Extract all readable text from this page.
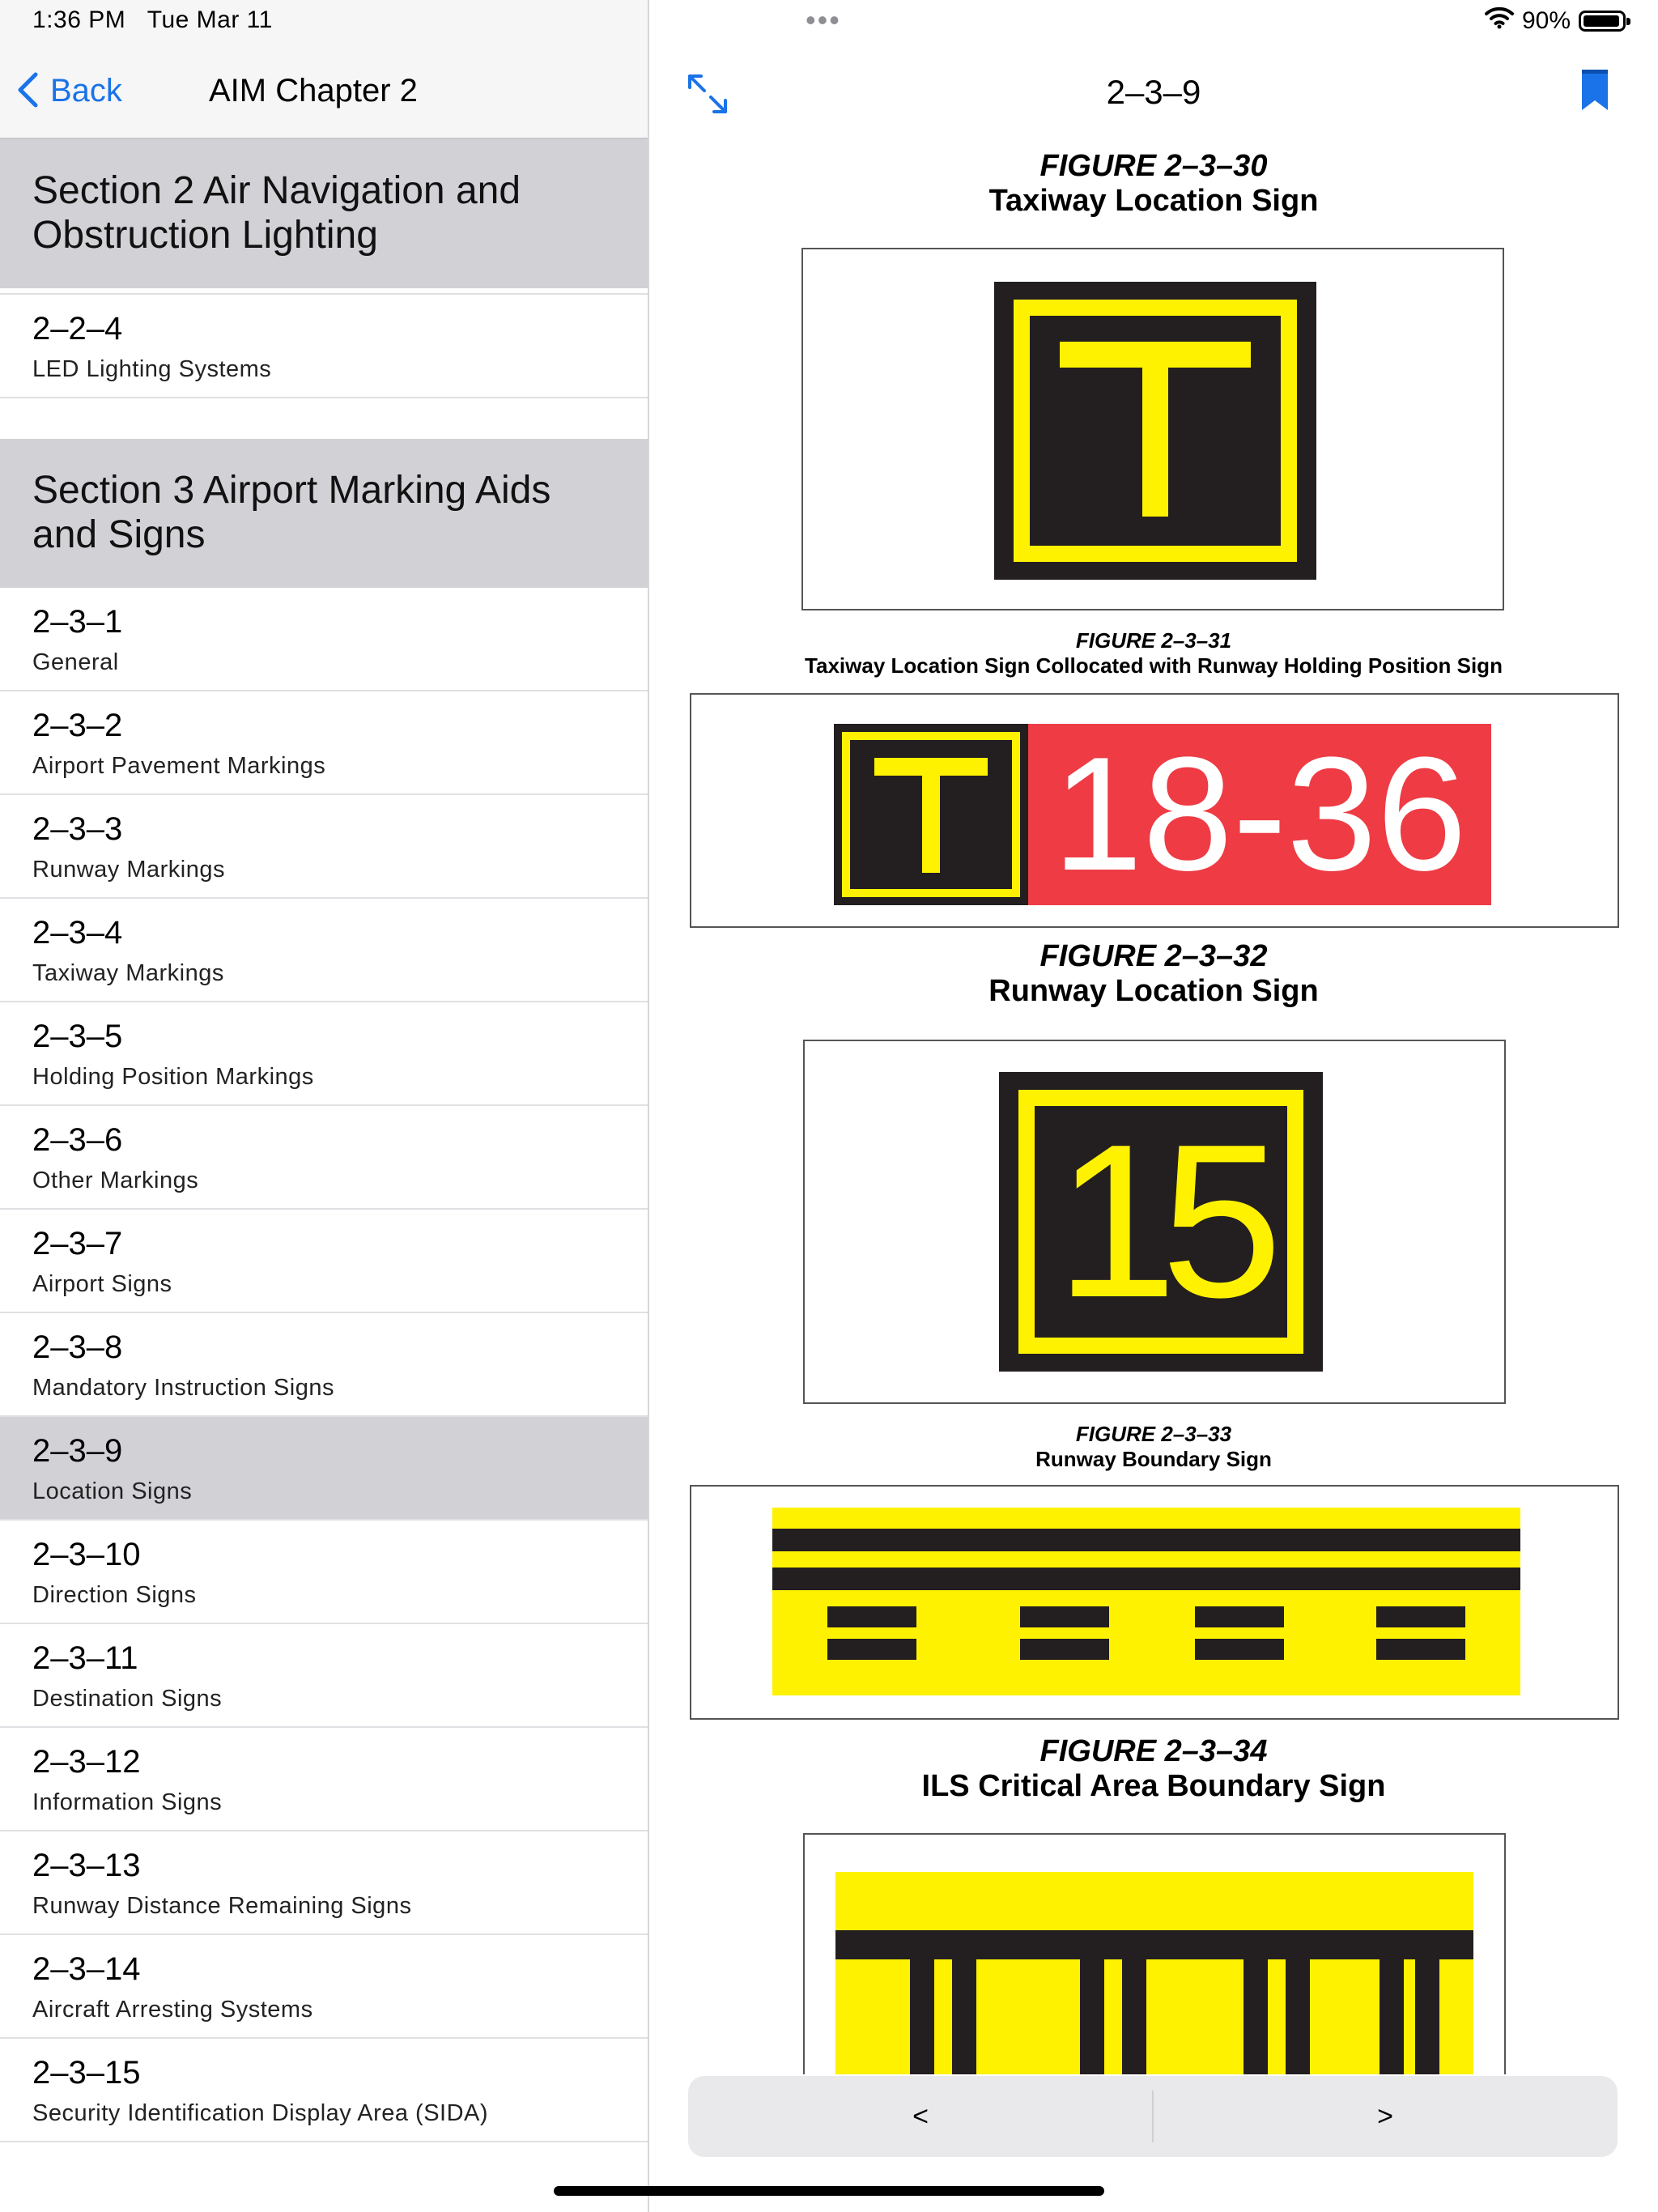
1:36 PM Tue Mar 11
Back	AIM Chapter 2
Section 2 Air Navigation and Obstruction Lighting
2–2–4
LED Lighting Systems
Section 3 Airport Marking Aids and Signs
2–3–1
General
2–3–2
Airport Pavement Markings
2–3–3
Runway Markings
2–3–4
Taxiway Markings
2–3–5
Holding Position Markings
2–3–6
Other Markings
2–3–7
Airport Signs
2–3–8
Mandatory Instruction Signs
2–3–9
Location Signs
2–3–10
Direction Signs
2–3–11
Destination Signs
2–3–12
Information Signs
2–3–13
Runway Distance Remaining Signs
2–3–14
Aircraft Arresting Systems
2–3–15
Security Identification Display Area (SIDA)
•••	90%
2–3–9
FIGURE 2–3–30
Taxiway Location Sign
FIGURE 2–3–31
Taxiway Location Sign Collocated with Runway Holding Position Sign
18-36
FIGURE 2–3–32
Runway Location Sign
15
FIGURE 2–3–33
Runway Boundary Sign
FIGURE 2–3–34
ILS Critical Area Boundary Sign
<	>
